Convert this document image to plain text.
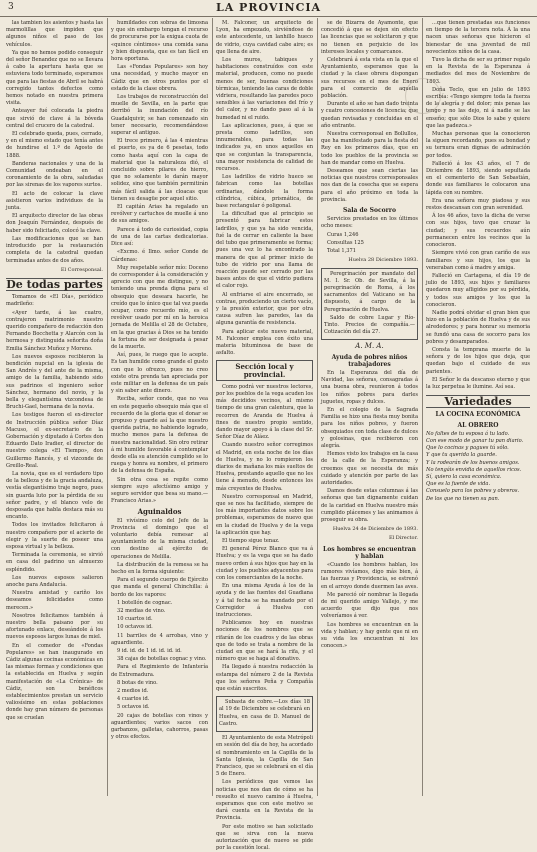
3	LA PROVINCIA

las tambien los asientos y hasta las marmolillas que impiden que algunos niños el paso de los vehículos.

Ya que no hemos podido conseguir del señor Benandez que no se llevara á cabo la apertura hasta que se estuviera todo terminado, esperamos que para las fiestas de Abril se habrá corregido tantos defectos como hemos notado en nuestra primera visita.

Anteayer fué colocada la piedra que sirvió de clave á la bóveda central del crucero de la catedral.

El celebrado queda, pues, cerrado, y en el mismo estado que tenía antes de hundirse el 1.º de Agosto de 1888.

Banderas nacionales y una de la Comunidad ondeaban en el coronamiento de la obra, saludadas por las sirenas de los vapores surtos.

El acto de colocar la clave asistieron varios individuos de la junta.

El arquitecto director de las obras don Joaquín Fernández, después de haber sido felicitado, colocó la clave.

Las modificaciones que se han introducido por la restauración completa de la catedral quedan terminadas antes de dos años.

El Corresponsal.
De todas partes

Tomamos de «El Día», periódico madrileño:

«Ayer tarde, á las cuatro, contrajeron matrimonio nuestro querido compañero de redacción don Fernando Bocchetta y Alarcón con la hermosa y distinguida señorita doña Emilia Sánchez Muñoz y Moreno.

Los nuevos esposos recibieron la bendición nupcial en la iglesia de San Andrés y del ante de la misma, amigo de la familia, habiendo sido sus padrinos el ingeniero señor Sánchez, hermano del novio, y la bella y elegantísima vizcondesa de Bruchi-Gael, hermana de la novia.

Los testigos fueron el ex-director de Instrucción pública señor Díaz Macuso, el ex-secretario de la Gobernación y diputado á Cortes don Eduardo Dato Iradier, el director de nuestro colega «El Tiempo», don Guillermo Rancés, y el vizconde de Greillo-Real.

La novia, que es el verdadero tipo de la belleza y de la gracia andaluza, vestía elegantísimo traje negro, pues sin guarda luto por la pérdida de su señor padre, y el blanco velo de desposada que habla destaca más su encanto.

Todos los invitados felicitaron á nuestro compañero por el acierto de elegir y la suerte de poseer una esposa virtual y la belleza.

Terminada la ceremonia, se sirvió en casa del padrino un almuerzo espléndido.

Los nuevos esposos salieron anoche para Andalucía.

Nuestra amistad y cariño los deseamos felicidades como merecen.»

Nosotros felicitamos también á nuestro bella paisano por su afortunado enlace, deseándole á los nuevos esposos largos lunas de miel.

En el comedor de «Fondas Populares» se han inaugurado en Cádiz algunas cocinas económicas en las mismas formas y condiciones que la establecida en Huelva y según manifestación de «La Crónica» de Cádiz, son benéficos establecimientos prestan un servicio valiosísimo en estas poblaciones donde hay gran número de personas que se cruelan

humildades con sobras de limosna y que sin embargo tengan el recurso de procurarse por la exigua cuota de «quince céntimos» una comida sana y bien dispuesta, que es tan fácil en hora oportuna.

Las «Fondas Populares» son hoy una necesidad, y mucho mayor en Cádiz que en otros puntos por el estado de la clase obrera.

Los trabajos de reconstrucción del muelle de Sevilla, en la parte que derribó la inundación del río Guadalquivir, se han comenzado sin tener necesario, recomendándose superar el antiguo.

El trece primero, á las 4 mientras el puerto, es ya de 6 pesetas, todo como hasta aquí con la capa de material que la naturaleza dió, el concluido sobre pilares de hierro, que no solamente le darán mayor solidez, sino que también permitirán más fácil salida á las cloacas que tienen su desagüe por aquel sitio.

El capitán Arias ha regalado un revólver y cartuchos de muelle á uno de sus amigos.

Parece á todo de curiosidad, copia de una de las cartas dedicatorias. Dice así:

«Excmo. é Ilmo. señor Conde de Cárdenas:

Muy respetable señor mío: Doceno de corresponder á la consideración y aprecio con que me distingue, y no teniendo una prenda digna para el obsequio que deseara hacerle, he creído que lo único que tal vez pueda ocupar, como recuerdo mío, es el revólver usado por mí en la heroica jornada de Melilla el 28 de Octubre, en la que gracias á Dios se ha tenido la fortuna de ser designada á pesar de la muerte.

Así, pues, le ruego que lo acepte. Es tan humilde como grande el gusto con que lo ofrezco, pues no creo existe otra prenda tan apreciada por este militar en la defensa de un país y sin saber ante dinero.

Reciba, señor conde, que no vea en este pequeño obsequio más que el recuerdo de la gloria que el donar se propuso y guarde así la que nuestro querida patria, no habiendo logrado, mucho menos para la defensa de nuestra nacionalidad. Sin otro retirar á mi humilde favorable á contemplar desde ella su atención cumplido se lo ruega y honra su nombre, el primero de la defensa de España.

Sin otra cosa se repite como siempre suyo afectísimo amigo y seguro servidor que besa su mano.—Francisco Arias.»

Aguinaldos

El vivísimo celo del Jefe de la Provincia el domingo que el voluntario debía remesar al ayuntamiento de la misma ciudad, con destino al ejército de operaciones de Melilla.

La distribución de la remesa se ha hecho en la forma siguiente:

Para el segundo cuerpo de Ejército que manda el general Chinchilla: á bordo de los vapores:

1 botellón de cognac.

32 medias de vino.

10 cuartos id.

10 octavos id.

11 barriles de 4 arrobas, vino y aguardiente.

9 id. id. de 1 id. id. id. id.

38 cajas de botellas cognac y vino.

Para el Regimiento de Infantería de Extremadura.

8 botas de vino.

2 medios id.

4 cuartos id.

5 octavos id.

20 cajas de botellas con vinos y aguardientes; varios sacos con garbanzos, galletas, cahorros, pasas y otros efectos.

M. Falconer, un arquitecto de Lyon, ha empezado, sirviéndose de este antecedente, un lanhillo hueco de vidrio, cuya cavidad cabe aire; es que llena de aire.

Los muros, tabiques y habitaciones construídos con este material, producen, como no puede menos de ser, buenas condiciones térmicas, teniendo las caras de doble vidriera, resultando las paredes poco sensibles á las variaciones del frío y del calor, y no dando paso al á la humedad ni el ruido.

Las aplicaciones, pues, á que se presta como ladrillos, son innumerables, para todas las indicados ya, en unos aquellos en que se conjuntan la transparencia, una mayor resistencia de calidad de recursos.

Los ladrillos de vidrio hueco se fabrican como las botellas ordinarias, dándole la forma cilíndrica, cúbica, prismática, de base rectangular ó poligonal.

La dificultad que al principio se presentó para fabricar estos ladrillos, y que ya ha sido vencida, fué la de cerrar en caliente la base del tubo que primeramente se forma; pues una vez lo ha encontrado la manera de que al primer inicio de tubo de vidrio por una llama de reacción puede ser cerrado por las bases antes de que el vidrio pudiera el calor rojo.

Al enfriarse el aire encerrado, se contrae, produciendo un cierto vacío, y la presión exterior, que por otra causa sufren las paredes, las da alguna garantía de resistencia.

Para aplicar este nuevo material, M. Falconer emplea con éxito una materia bituminosa de base de asfalto.

Sección local y provincial.

Como podrá ver nuestros lectores, por los pueblos de la vega acuden los más decididos vecinos, al mismo tiempo de una gran calentura, que la recorren de Aranda de Huelva á fines de nuestro propio sentido, dando mayor apoyo á la clase del Sr. Señor Díaz de Aláez.

Cuando nuestro señor corregimos el Madrid, en esta noche de los días de Huelva, y no lo rompieron los diarios de mañana los más sueltos de Huelva, prestando aquello que no les tiene á menudo, desde entonces los más creyentes de Huelva.

Nuestro corresponsal en Madrid, que se nos ha facilitado, siempre de los más importantes datos sobre los problemas, esperamos de nuevo que en la ciudad de Huelva y de la vega la aplicación que hay.

El tiempo sigue tenaz.

El general Pérez Blanco que va á Huelva; y es la vega que se ha dado nuevo orden á sus hijos que hay en la ciudad y los pueblos adyacentes para con los comerciantes de la noche.

En una misma Ayuda á los de la ayuda y de las fuentes del Guadiana y á tal fecha se ha mandado por el Corregidor á Huelva con instrucciones.

Publicamos hoy en nuestras nociones de los nombres que se rifarán de los cuadros y de las obras que de todo se trata a nombre de la ciudad en que se hará la rifa, y el número que se haga al donativo.

Ha llegado á nuestra redacción la estampa del número 2 de la Revista que los señores Peña y Compañía que están suscritos.

Subasta de cobre.—Los días 18 al 19 de Diciembre se celebrará en Huelva, en casa de D. Manuel de Castro.

El Ayuntamiento de esta Metrópoli en sesión del día de hoy, ha acordado el nombramiento en la Capilla de la Santa Iglesia, la Capilla de San Francisco, que se celebrará en el día 5 de Enero.

Los periódicos que vemos las noticias que nos dan de cómo se ha resuelto el nuevo camino á Huelva, esperamos que con este motivo se dará cuenta en la Revista de la Provincia.

Por este motivo se han solicitado que se sirva con la nueva autorización que de nuevo se pide por la cuestión local.

se de Bizarra de Ayamonte, que concedió á que se dejen sin efecto las licencias que se solicitaron y que no tienen en perjuicio de los intereses locales y comarcanos.

Celebrará á esta vista en la que el Ayuntamiento, esperamos que la ciudad y la clase obrera dispongan sus recursos en el mes de Enero para el comercio de aquella población.

Durante el año se han dado treinta y cuatro concesiones de licencia; que quedan revisadas y concluidas en el año entrante.

Nuestra corresponsal en Bollullos, que ha manifestado para la fiesta del Rey en los primeros días, que en todo los pueblos de la provincia se han de mandar como en Huelva.

Deseamos que sean ciertas las noticias que nuestros corresponsales nos dan de la cosecha que se espera para el año próximo en toda la provincia.

Sala de Socorro

Servicios prestados en los últimos ocho meses:

Curas 1,246

Consultas 125

Total 1,371

Huelva 28 Diciembre 1893.

Peregrinación por mandato del M. I. Sr. Ob. de Sevilla, á la peregrinación de Roma, á los sacramentos del Vaticano se ha dispuesto, á cargo de la Peregrinación de Huelva.

Saldo de cobre Lugar y Río-Tinto. Precios de compañía.—Cotización del día 27.

A. M. A.
Ayuda de pobres niños trabajadores

En la Esperanza del día de Navidad, las señoras, consagradas á una buena obra, reunieron á todos los niños pobres para darles juguetes, ropas y dulces.

En el colegio de la Sagrada Familia se hizo una fiesta muy bonita para los niños pobres, y fueron obsequiados con toda clase de dulces y golosinas, que recibieron con alegría.

Hemos visto los trabajos en la casa de la calle de la Esperanza; y creemos que se necesita de más cuidado y atención por parte de las autoridades.

Damos desde estas columnas á las señoras que tan dignamente cuidan de la caridad en Huelva nuestro más cumplido plácemes y las animamos á proseguir su obra.

Huelva 24 de Diciembre de 1893.
El Director.
Los hombres se encuentran y hablan

«Cuando los hombres hablan, los rumores vivíamos, digo más bien, á las fuerzas y Providencia, se estrenó en el arroyo donde duermen las aves.

Me pareció oír nombrar la llegada de mi querido amigo Vallejo, y me acuerdo que dijo que nos volveríamos á ver.

Los hombres se encuentran en la vida y hablan; y hay gente que ni en su vida los encuentran ni los conocen.»

...que tienen prestadas sus funciones en tiempo de la tercera nota. Á la una nacen unas señoras que hicieron el bienestar de una juventud de mil novecientos niños de la casa.

Tuvo la dicha de ser su primer regalo en la Revista de la Esperanza á mediados del mes de Noviembre de 1893.

Doña Teclo, que en julio de 1893 escribía: «Tengo siempre toda la fuerza de la alegría y del dolor; mis penas las tengo y no las dejo, ni á nadie se las enseño; que sólo Dios lo sabe y quiere que las padezca.»

Muchas personas que la conocieron la siguen recordando, pues su bondad y su ternura eran dignas de admiración por todos.

Falleció á los 43 años, el 7 de Diciembre de 1893, siendo sepultada en el cementerio de San Sebastián, donde sus familiares le colocaron una lápida con su nombre.

Era una señora muy piadosa y sus restos descansan con gran serenidad.

Á los 46 años, tuvo la dicha de verse con sus hijos, tuvo que cruzar la ciudad; y sus recuerdos aún permanecen entre los vecinos que la conocieron.

Siempre vivió con gran cariño de sus familiares y sus hijos, los que la veneraban como á madre y amiga.

Falleció en Cartagena, el día 19 de julio de 1893, sus hijos y familiares quedaron muy afligidos por su pérdida, y todos sus amigos y los que la conocieron.

Nadie podrá olvidar el gran bien que hizo en la población de Huelva y de sus alrededores; y para honrar su memoria se fundó una casa de socorro para los pobres y desamparados.

Consta la temprana muerte de la señora y de los hijos que deja, que quedan bajo el cuidado de sus parientes.

El Señor le da descanso eterno y que la luz perpetua le ilumine. Así sea.

Variedades
LA COCINA ECONÓMICA
AL OBRERO

No faltes de tu esposa á tu lado.

Con ese modo de ganar tu pan diario.

Que lo cocinas y pagues tú sólo.

Y que tu querida la guarde.

Y la rodearán de los buenos amigos.

No tengáis envidia de aquellos ricos.

Sí, quiero la casa económica.

Que es la fuente de vida.

Consuelo para los pobres y obreros.

De los que no tienen su pan.
